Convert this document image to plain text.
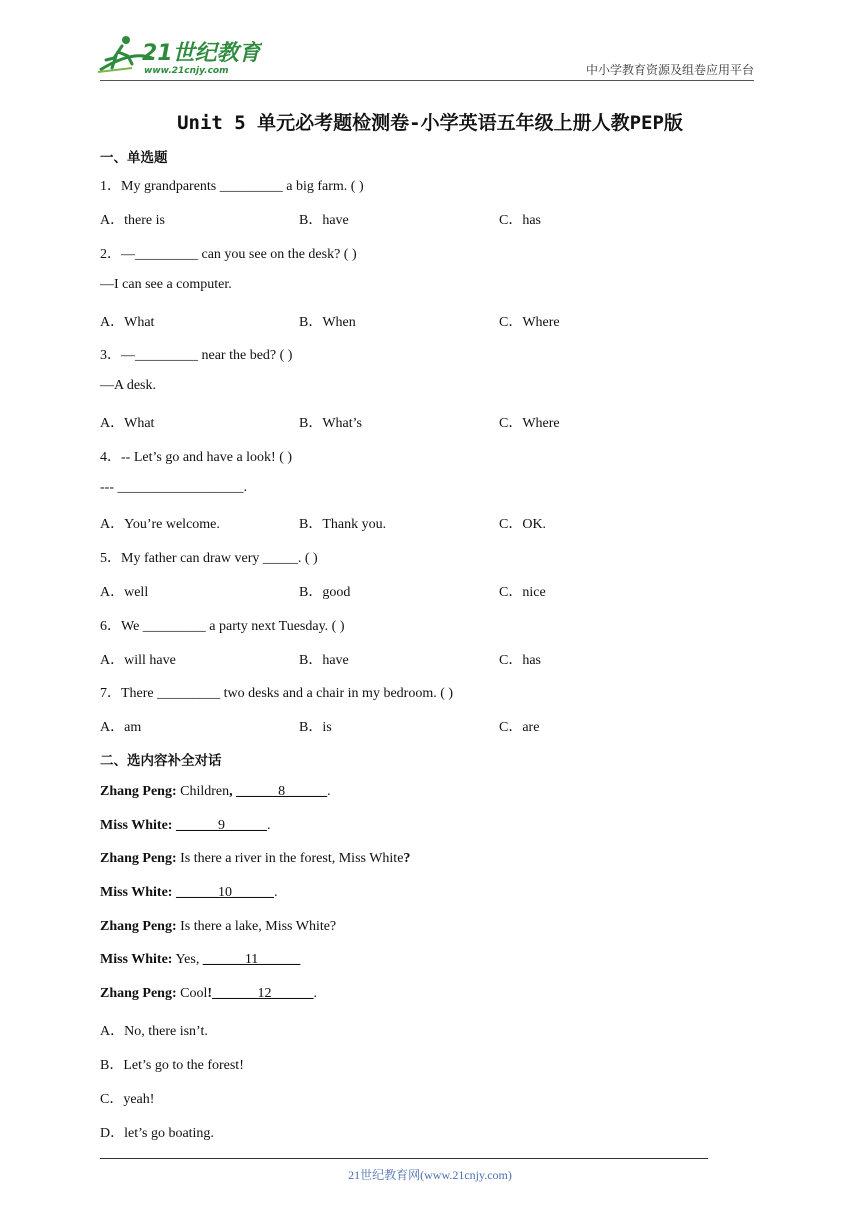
21世纪教育
www.21cnjy.com	中小学教育资源及组卷应用平台
Unit 5 单元必考题检测卷-小学英语五年级上册人教PEP版
一、单选题
1．My grandparents _________ a big farm. ( )
A．there is	B．have	C．has
2．—_________ can you see on the desk? ( )
—I can see a computer.
A．What	B．When	C．Where
3．—_________ near the bed? ( )
—A desk.
A．What	B．What’s	C．Where
4．-- Let’s go and have a look! ( )
--- __________________.
A．You’re welcome.	B．Thank you.	C．OK.
5．My father can draw very _____. ( )
A．well	B．good	C．nice
6．We _________ a party next Tuesday. ( )
A．will have	B．have	C．has
7．There _________ two desks and a chair in my bedroom. ( )
A．am	B．is	C．are
二、选内容补全对话
Zhang Peng: Children, ______8______.
Miss White: ______9______.
Zhang Peng: Is there a river in the forest, Miss White?
Miss White: ______10______.
Zhang Peng: Is there a lake, Miss White?
Miss White: Yes, ______11______
Zhang Peng: Cool! ______12______.
A．No, there isn’t.
B．Let’s go to the forest!
C．yeah!
D．let’s go boating.
21世纪教育网(www.21cnjy.com)
